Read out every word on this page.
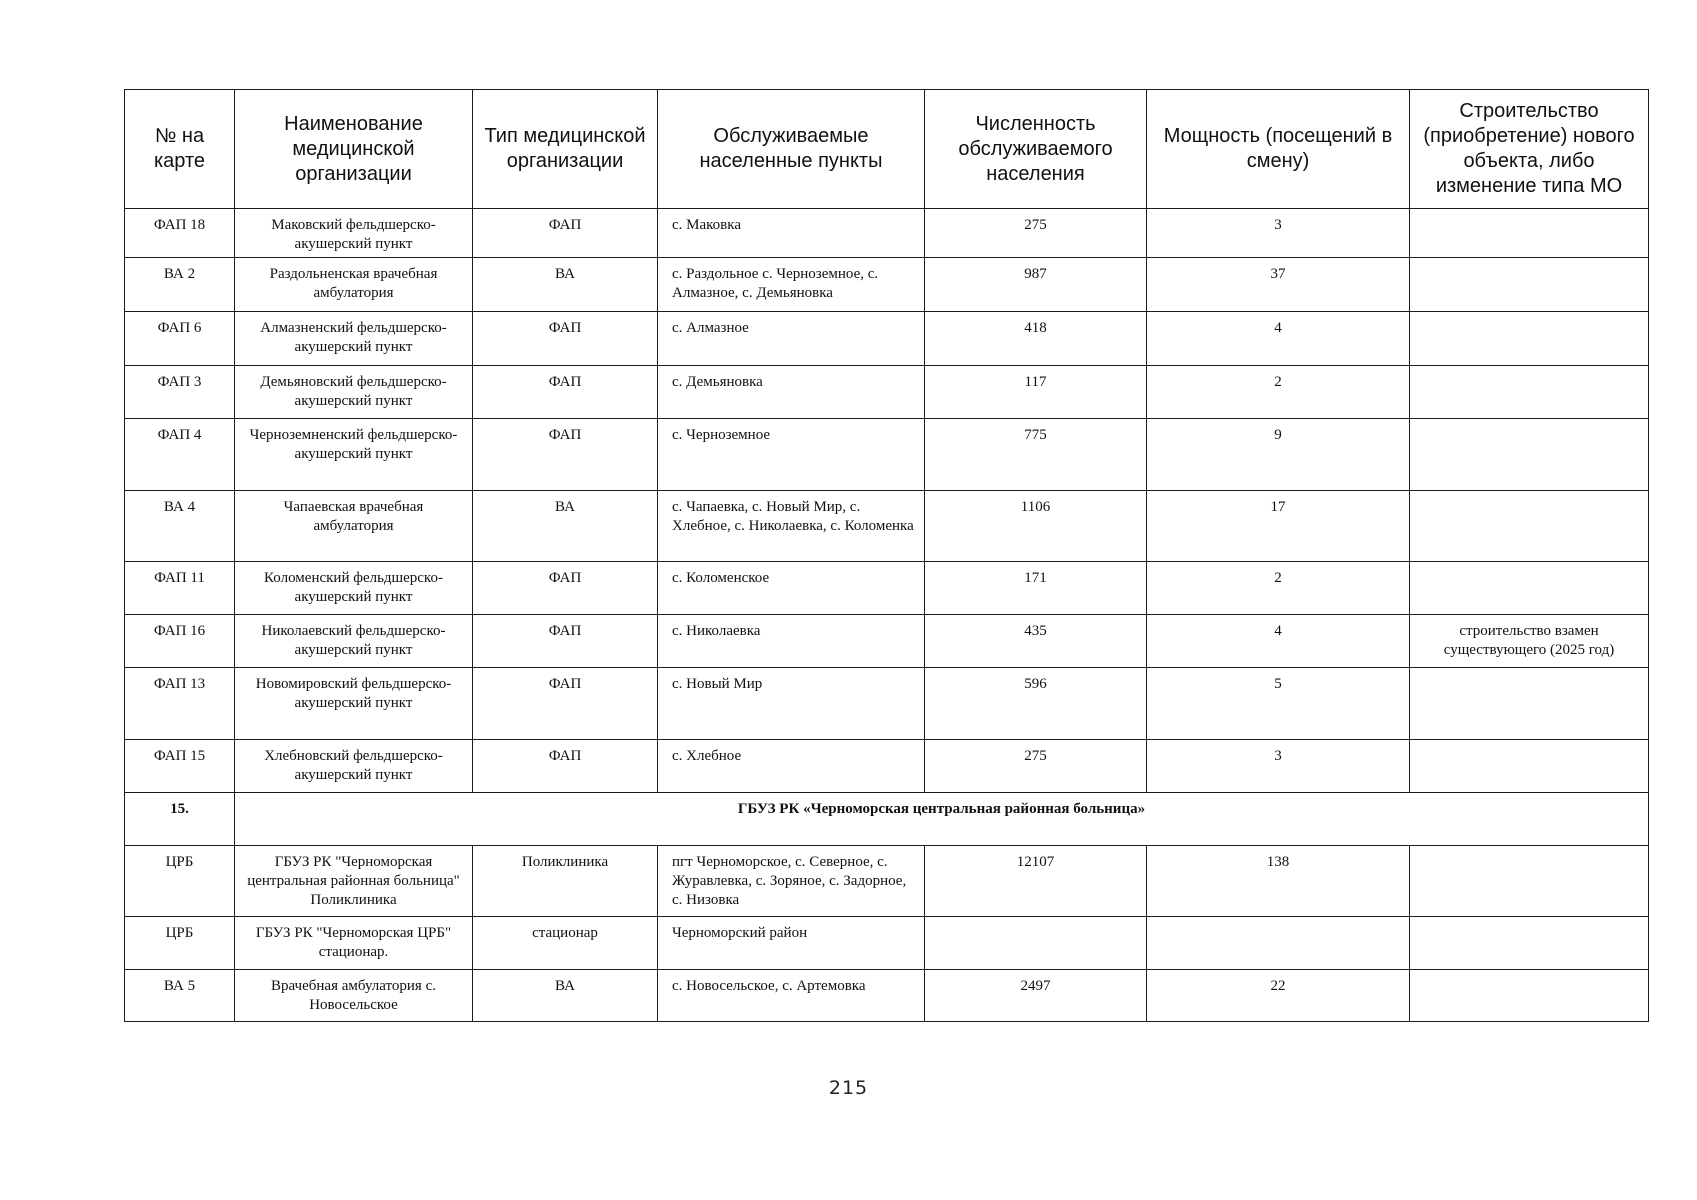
№ на карте	Наименование медицинской организации	Тип медицинской организации	Обслуживаемые населенные пункты	Численность обслуживаемого населения	Мощность (посещений в смену)	Строительство (приобретение) нового объекта, либо изменение типа МО
ФАП 18	Маковский фельдшерско-акушерский пункт	ФАП	с. Маковка	275	3	
ВА 2	Раздольненская врачебная амбулатория	ВА	с. Раздольное с. Черноземное, с. Алмазное, с. Демьяновка	987	37	
ФАП 6	Алмазненский фельдшерско-акушерский пункт	ФАП	с. Алмазное	418	4	
ФАП 3	Демьяновский фельдшерско-акушерский пункт	ФАП	с. Демьяновка	117	2	
ФАП 4	Черноземненский фельдшерско- акушерский пункт	ФАП	с. Черноземное	775	9	
ВА 4	Чапаевская врачебная амбулатория	ВА	с. Чапаевка, с. Новый Мир, с. Хлебное, с. Николаевка, с. Коломенка	1106	17	
ФАП 11	Коломенский фельдшерско-акушерский пункт	ФАП	с. Коломенское	171	2	
ФАП 16	Николаевский фельдшерско-акушерский пункт	ФАП	с. Николаевка	435	4	строительство взамен существующего (2025 год)
ФАП 13	Новомировский фельдшерско- акушерский пункт	ФАП	с. Новый Мир	596	5	
ФАП 15	Хлебновский фельдшерско-акушерский пункт	ФАП	с. Хлебное	275	3	
15.	ГБУЗ РК «Черноморская центральная районная больница»					
ЦРБ	ГБУЗ РК "Черноморская центральная районная больница" Поликлиника	Поликлиника	пгт Черноморское, с. Северное, с. Журавлевка, с. Зоряное, с. Задорное, с. Низовка	12107	138	
ЦРБ	ГБУЗ РК "Черноморская ЦРБ" стационар.	стационар	Черноморский район			
ВА 5	Врачебная амбулатория с. Новосельское	ВА	с. Новосельское, с. Артемовка	2497	22	
215
